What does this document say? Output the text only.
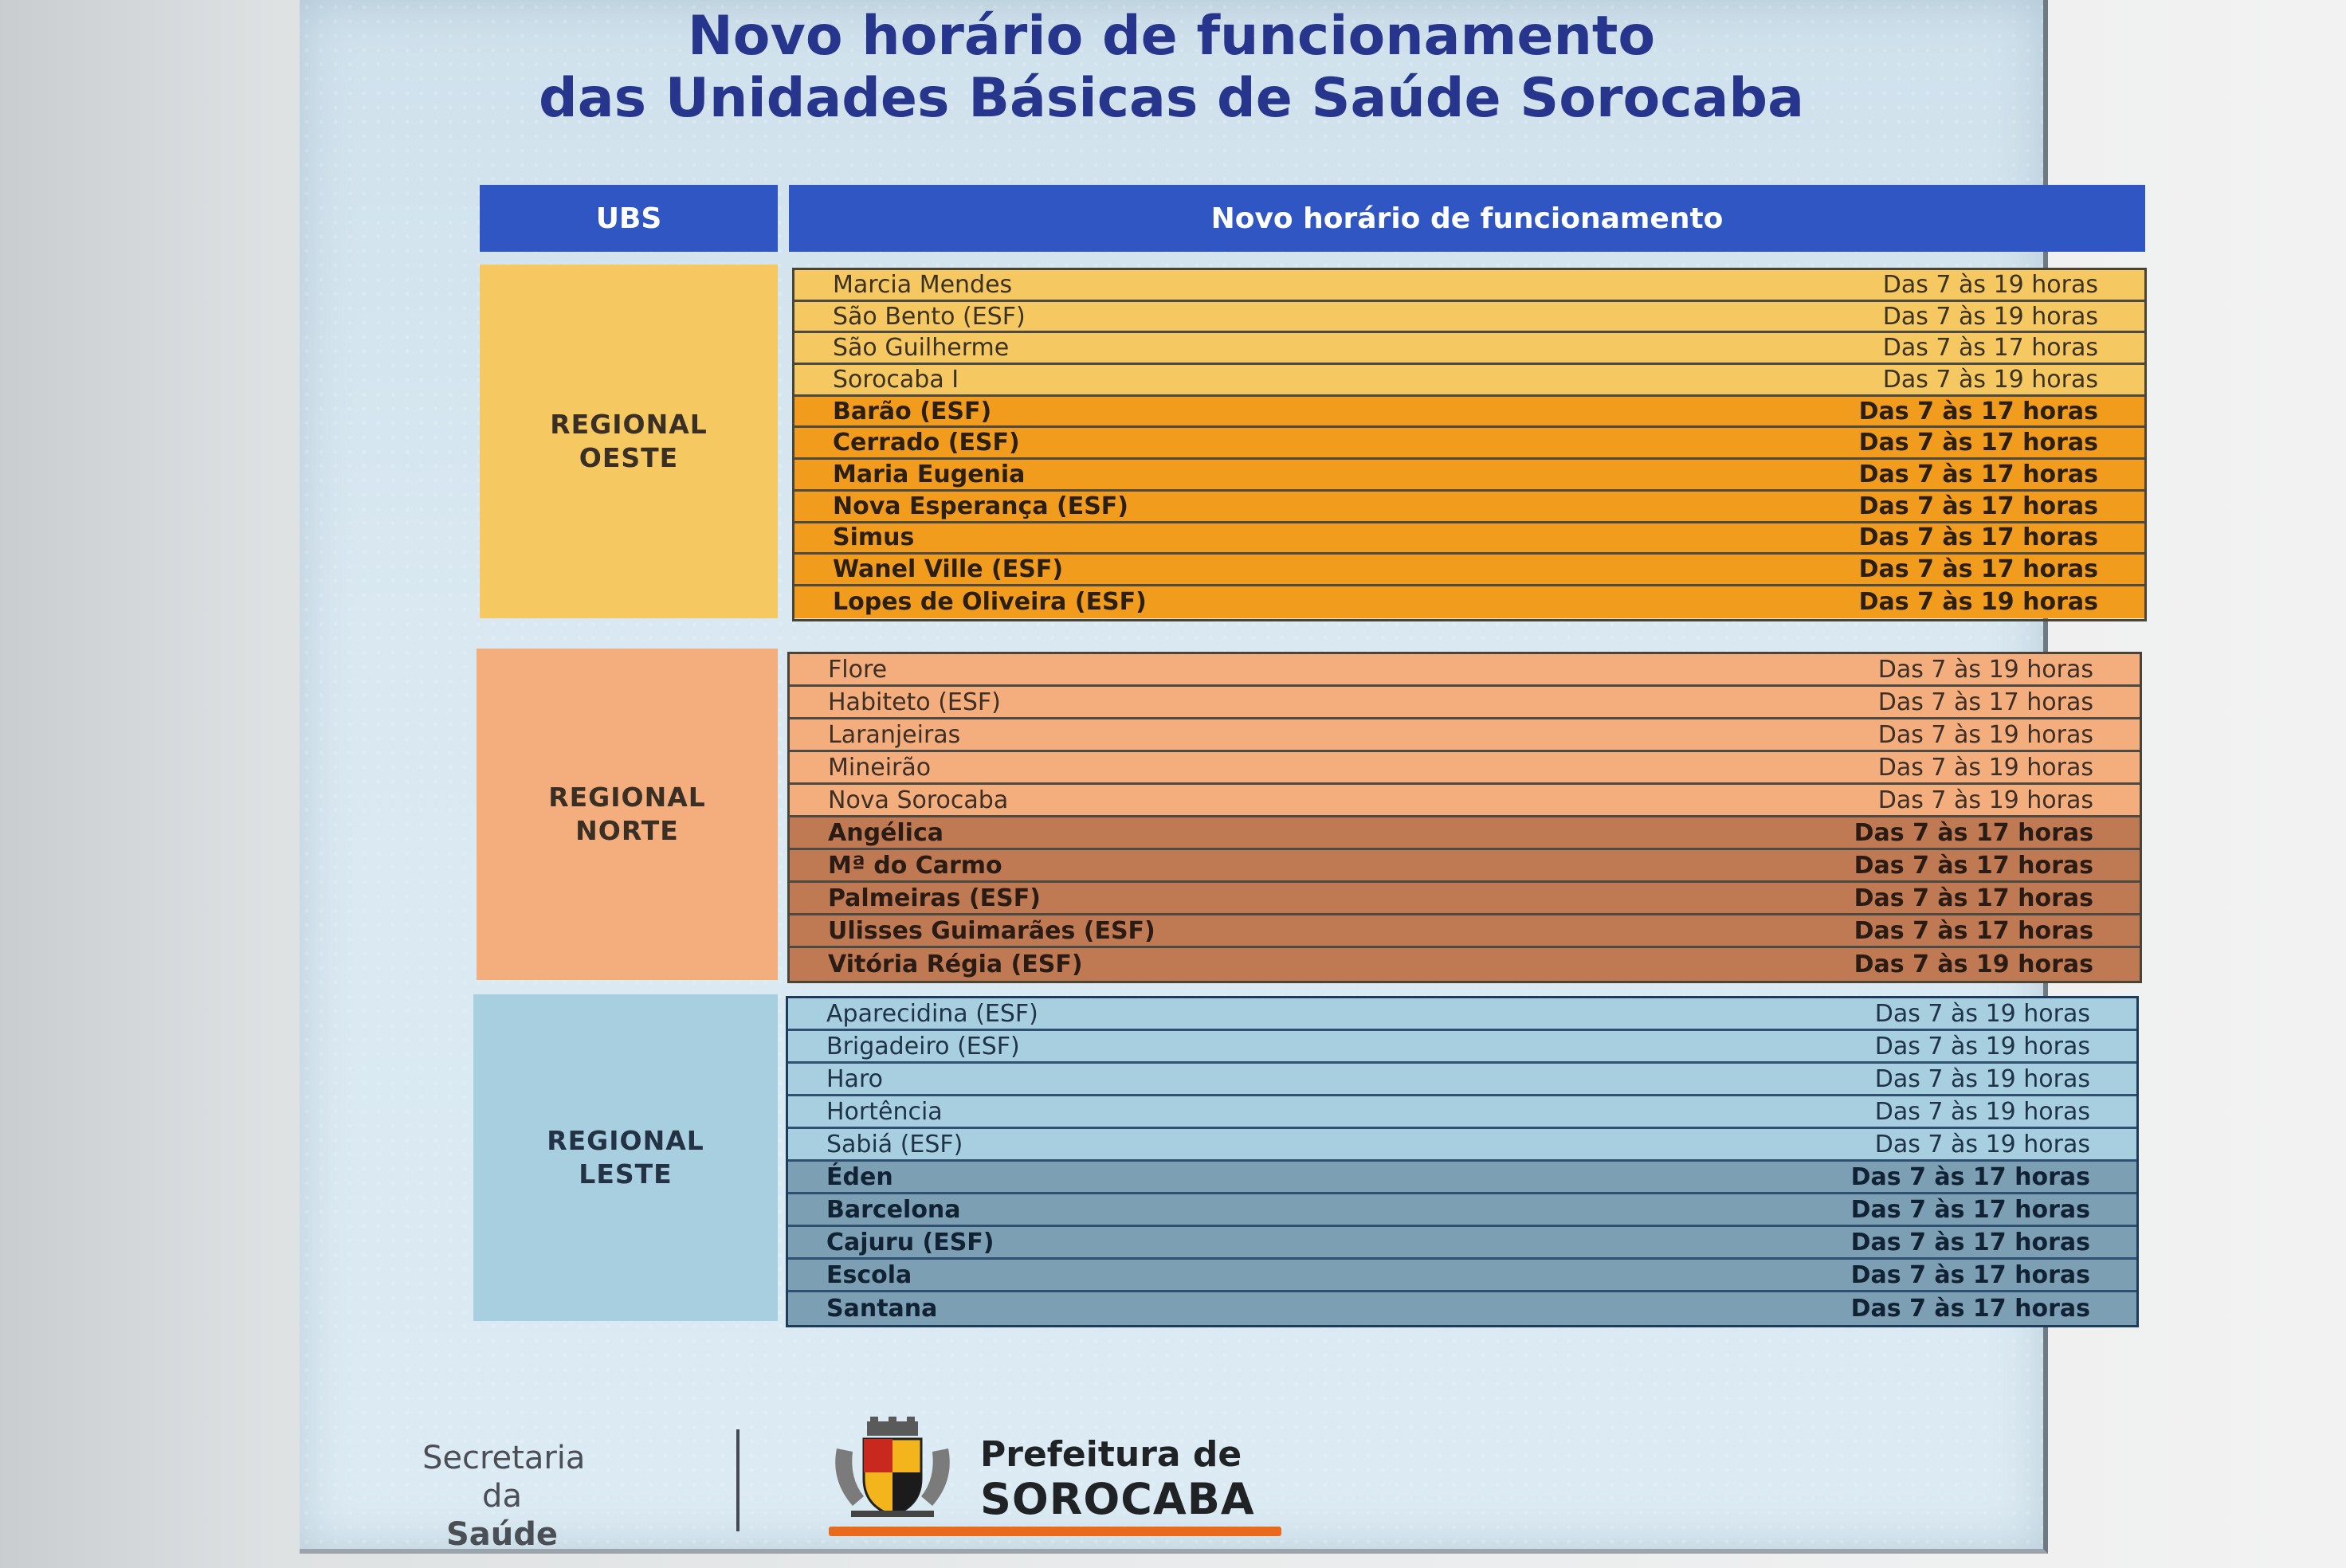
Novo horário de funcionamento
das Unidades Básicas de Saúde Sorocaba
UBS	Novo horário de funcionamento
REGIONAL
OESTE
Marcia Mendes	Das 7 às 19 horas
São Bento (ESF)	Das 7 às 19 horas
São Guilherme	Das 7 às 17 horas
Sorocaba I	Das 7 às 19 horas
Barão (ESF)	Das 7 às 17 horas
Cerrado (ESF)	Das 7 às 17 horas
Maria Eugenia	Das 7 às 17 horas
Nova Esperança (ESF)	Das 7 às 17 horas
Simus	Das 7 às 17 horas
Wanel Ville (ESF)	Das 7 às 17 horas
Lopes de Oliveira (ESF)	Das 7 às 19 horas
REGIONAL
NORTE
Flore	Das 7 às 19 horas
Habiteto (ESF)	Das 7 às 17 horas
Laranjeiras	Das 7 às 19 horas
Mineirão	Das 7 às 19 horas
Nova Sorocaba	Das 7 às 19 horas
Angélica	Das 7 às 17 horas
Mª do Carmo	Das 7 às 17 horas
Palmeiras (ESF)	Das 7 às 17 horas
Ulisses Guimarães (ESF)	Das 7 às 17 horas
Vitória Régia (ESF)	Das 7 às 19 horas
REGIONAL
LESTE
Aparecidina (ESF)	Das 7 às 19 horas
Brigadeiro (ESF)	Das 7 às 19 horas
Haro	Das 7 às 19 horas
Hortência	Das 7 às 19 horas
Sabiá (ESF)	Das 7 às 19 horas
Éden	Das 7 às 17 horas
Barcelona	Das 7 às 17 horas
Cajuru (ESF)	Das 7 às 17 horas
Escola	Das 7 às 17 horas
Santana	Das 7 às 17 horas
Secretaria da
Saúde
Prefeitura de
SOROCABA
